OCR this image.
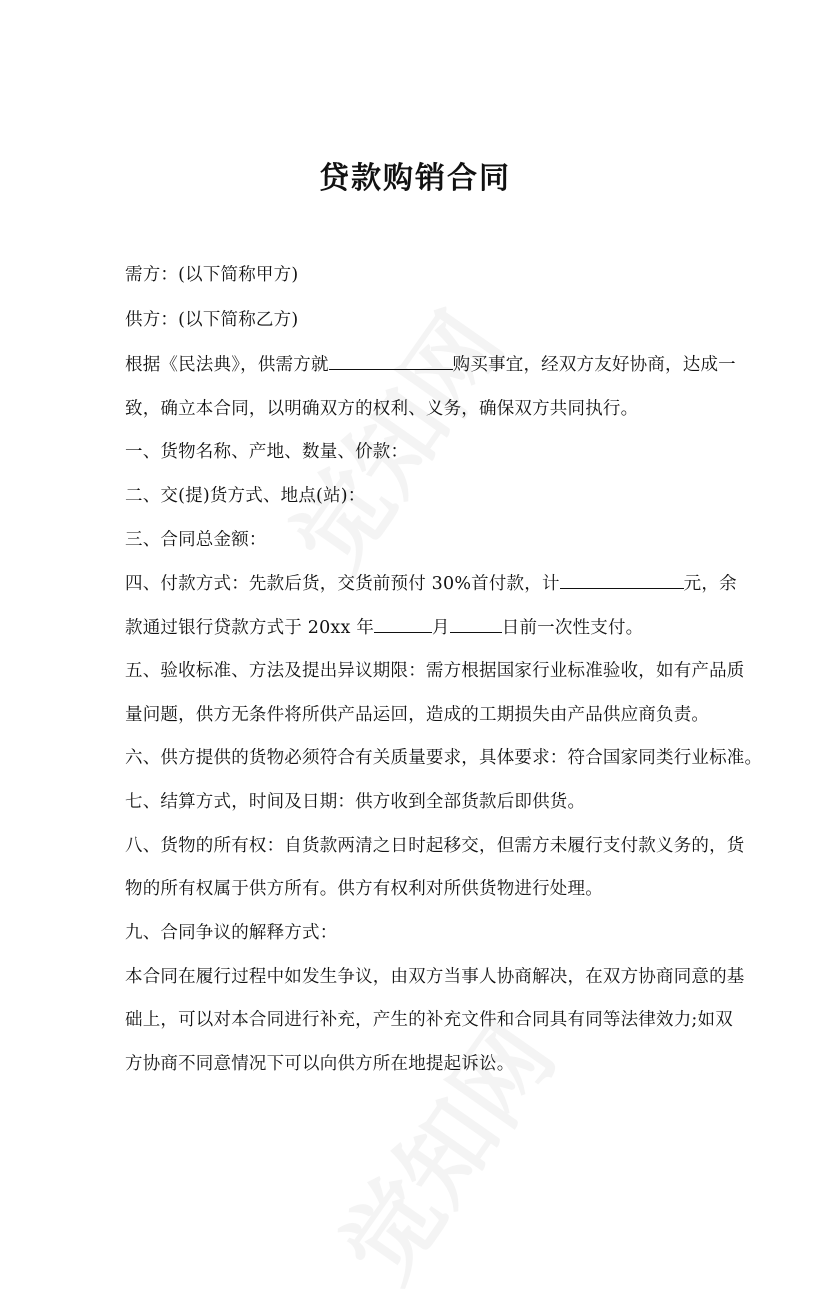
贷款购销合同
需方：(以下简称甲方)
供方：(以下简称乙方)
根据《民法典》，供需方就	购买事宜，经双方友好协商，达成一
致，确立本合同，以明确双方的权利、义务，确保双方共同执行。
一、货物名称、产地、数量、价款：
二、交(提)货方式、地点(站)：
三、合同总金额：
四、付款方式：先款后货，交货前预付 30%首付款，计	元，余
款通过银行贷款方式于 20xx 年	月	日前一次性支付。
五、验收标准、方法及提出异议期限：需方根据国家行业标准验收，如有产品质
量问题，供方无条件将所供产品运回，造成的工期损失由产品供应商负责。
六、供方提供的货物必须符合有关质量要求，具体要求：符合国家同类行业标准。
七、结算方式，时间及日期：供方收到全部货款后即供货。
八、货物的所有权：自货款两清之日时起移交，但需方未履行支付款义务的，货
物的所有权属于供方所有。供方有权利对所供货物进行处理。
九、合同争议的解释方式：
本合同在履行过程中如发生争议，由双方当事人协商解决，在双方协商同意的基
础上，可以对本合同进行补充，产生的补充文件和合同具有同等法律效力;如双
方协商不同意情况下可以向供方所在地提起诉讼。
